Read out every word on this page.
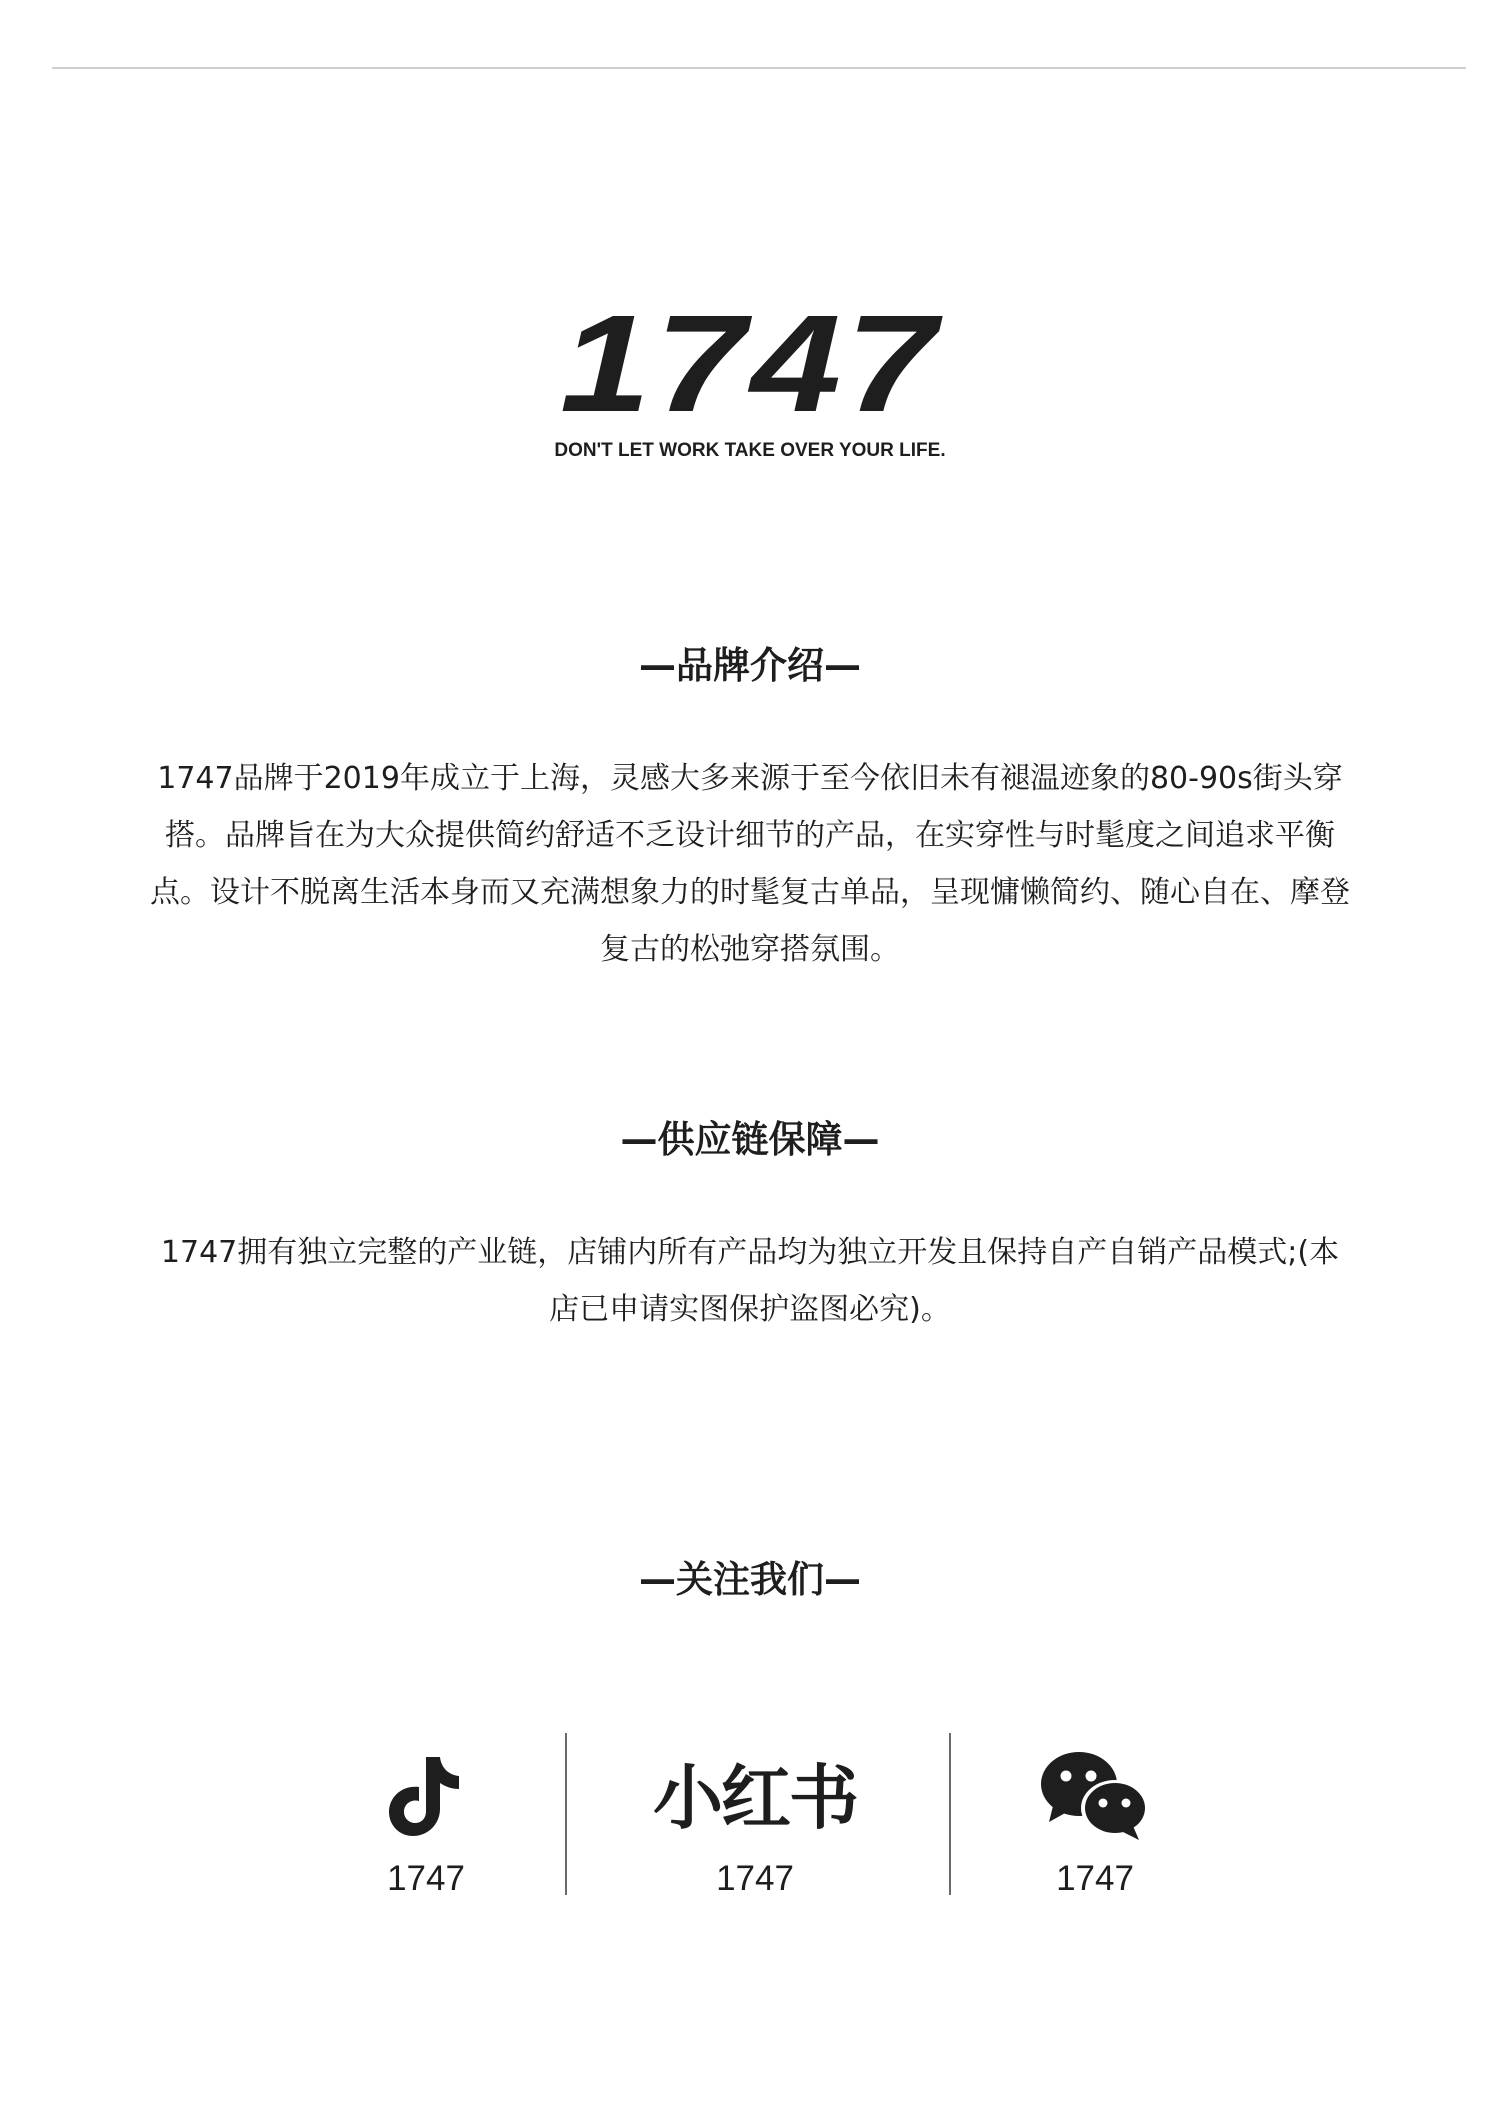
1747
DON'T LET WORK TAKE OVER YOUR LIFE.
—品牌介绍—
1747品牌于2019年成立于上海，灵感大多来源于至今依旧未有褪温迹象的80-90s街头穿搭。品牌旨在为大众提供简约舒适不乏设计细节的产品，在实穿性与时髦度之间追求平衡点。设计不脱离生活本身而又充满想象力的时髦复古单品，呈现慵懒简约、随心自在、摩登复古的松弛穿搭氛围。
—供应链保障—
1747拥有独立完整的产业链，店铺内所有产品均为独立开发且保持自产自销产品模式;(本店已申请实图保护盗图必究)。
—关注我们—
1747
小红书
1747	1747
